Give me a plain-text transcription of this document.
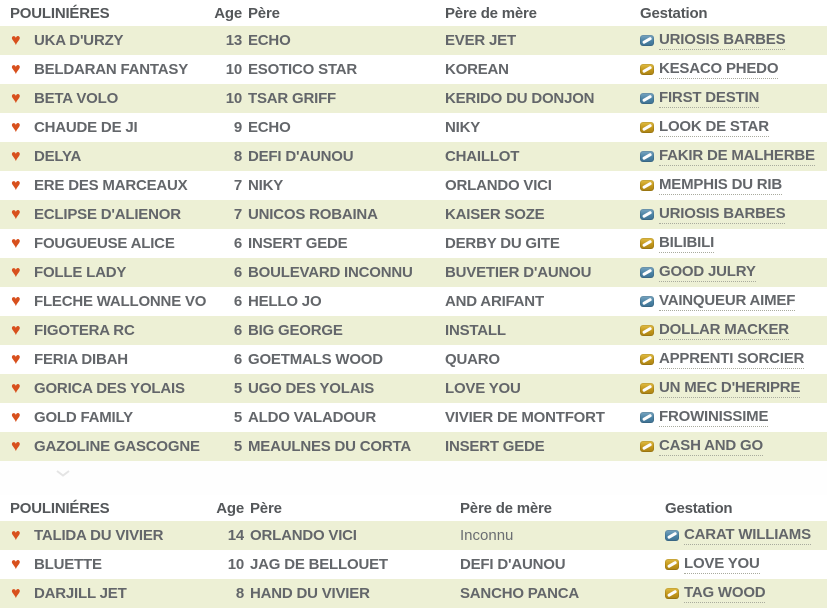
POULINIÉRES	Age Père	Père de mère	Gestation
♥ UKA D'URZY	13 ECHO	EVER JET	URIOSIS BARBES
♥ BELDARAN FANTASY	10 ESOTICO STAR	KOREAN	KESACO PHEDO
♥ BETA VOLO	10 TSAR GRIFF	KERIDO DU DONJON	FIRST DESTIN
♥ CHAUDE DE JI	9 ECHO	NIKY	LOOK DE STAR
♥ DELYA	8 DEFI D'AUNOU	CHAILLOT	FAKIR DE MALHERBE
♥ ERE DES MARCEAUX	7 NIKY	ORLANDO VICI	MEMPHIS DU RIB
♥ ECLIPSE D'ALIENOR	7 UNICOS ROBAINA	KAISER SOZE	URIOSIS BARBES
♥ FOUGUEUSE ALICE	6 INSERT GEDE	DERBY DU GITE	BILIBILI
♥ FOLLE LADY	6 BOULEVARD INCONNU	BUVETIER D'AUNOU	GOOD JULRY
♥ FLECHE WALLONNE VO	6 HELLO JO	AND ARIFANT	VAINQUEUR AIMEF
♥ FIGOTERA RC	6 BIG GEORGE	INSTALL	DOLLAR MACKER
♥ FERIA DIBAH	6 GOETMALS WOOD	QUARO	APPRENTI SORCIER
♥ GORICA DES YOLAIS	5 UGO DES YOLAIS	LOVE YOU	UN MEC D'HERIPRE
♥ GOLD FAMILY	5 ALDO VALADOUR	VIVIER DE MONTFORT	FROWINISSIME
♥ GAZOLINE GASCOGNE	5 MEAULNES DU CORTA	INSERT GEDE	CASH AND GO
POULINIÉRES	Age Père	Père de mère	Gestation
♥ TALIDA DU VIVIER	14 ORLANDO VICI	Inconnu	CARAT WILLIAMS
♥ BLUETTE	10 JAG DE BELLOUET	DEFI D'AUNOU	LOVE YOU
♥ DARJILL JET	8 HAND DU VIVIER	SANCHO PANCA	TAG WOOD
